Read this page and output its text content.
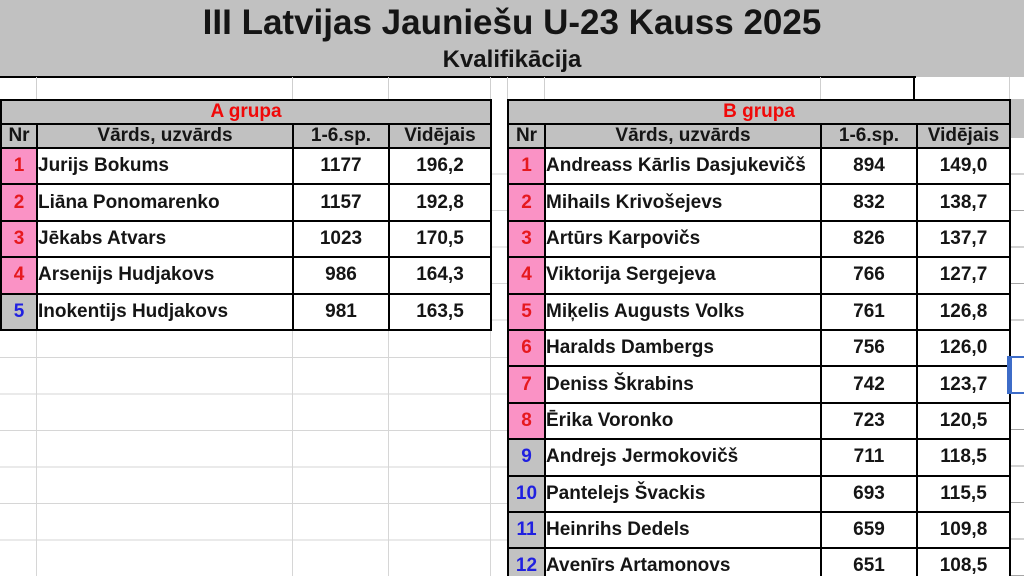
III Latvijas Jauniešu U-23 Kauss 2025
Kvalifikācija
A grupa			
Nr	Vārds, uzvārds	1-6.sp.	Vidējais
1	Jurijs Bokums	1177	196,2
2	Liāna Ponomarenko	1157	192,8
3	Jēkabs Atvars	1023	170,5
4	Arsenijs Hudjakovs	986	164,3
5	Inokentijs Hudjakovs	981	163,5
B grupa			
Nr	Vārds, uzvārds	1-6.sp.	Vidējais
1	Andreass Kārlis Dasjukevičš	894	149,0
2	Mihails Krivošejevs	832	138,7
3	Artūrs Karpovičs	826	137,7
4	Viktorija Sergejeva	766	127,7
5	Miķelis Augusts Volks	761	126,8
6	Haralds Dambergs	756	126,0
7	Deniss Škrabins	742	123,7
8	Ērika Voronko	723	120,5
9	Andrejs Jermokovičš	711	118,5
10	Pantelejs Švackis	693	115,5
11	Heinrihs Dedels	659	109,8
12	Avenīrs Artamonovs	651	108,5
